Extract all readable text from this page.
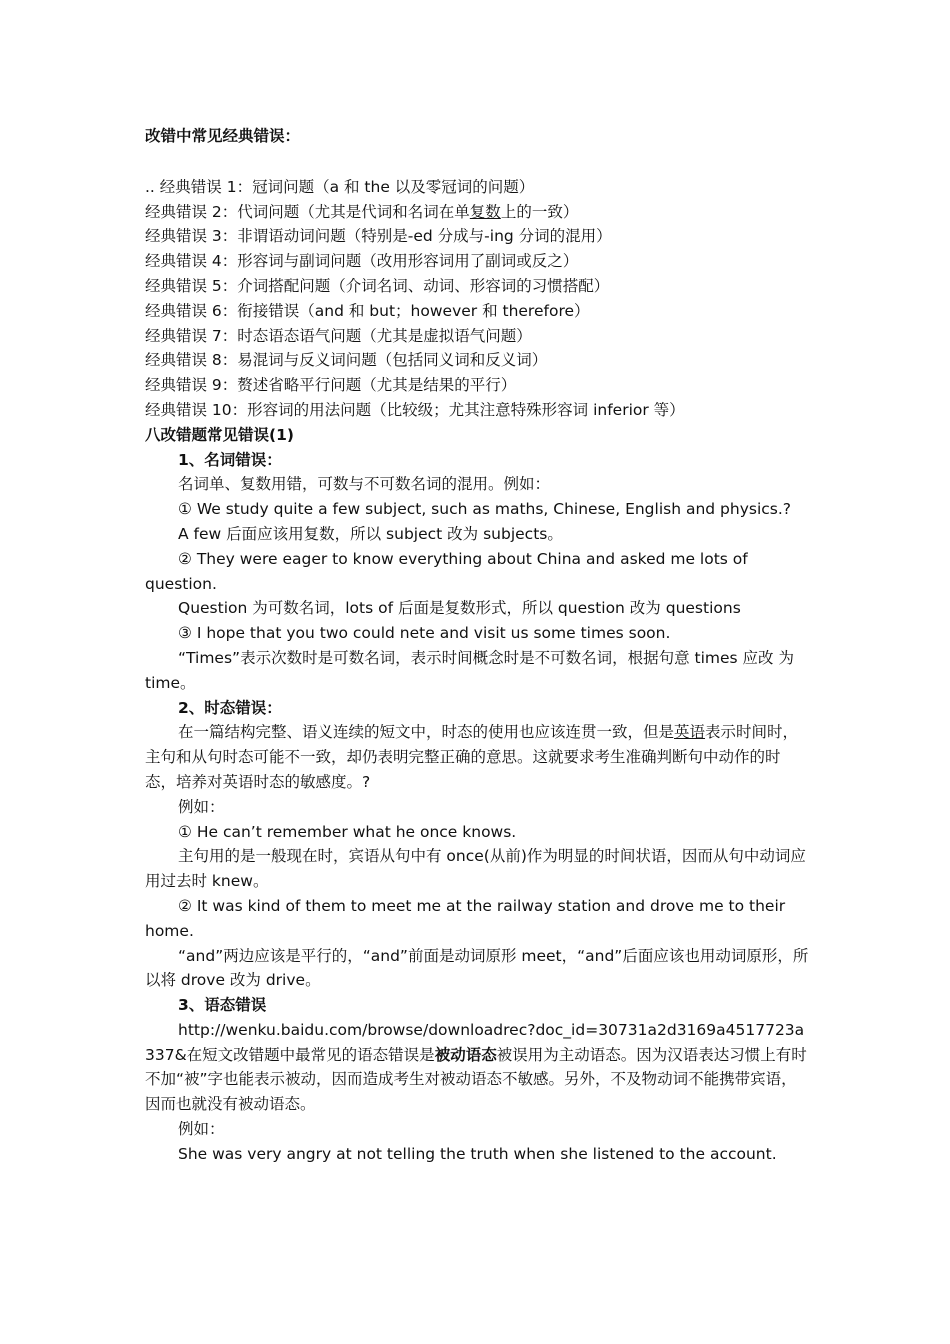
改错中常见经典错误：

.. 经典错误 1：冠词问题（a 和 the 以及零冠词的问题）

经典错误 2：代词问题（尤其是代词和名词在单复数上的一致）

经典错误 3：非谓语动词问题（特别是-ed 分成与-ing 分词的混用）

经典错误 4：形容词与副词问题（改用形容词用了副词或反之）

经典错误 5：介词搭配问题（介词名词、动词、形容词的习惯搭配）

经典错误 6：衔接错误（and 和 but；however 和 therefore）

经典错误 7：时态语态语气问题（尤其是虚拟语气问题）

经典错误 8：易混词与反义词问题（包括同义词和反义词）

经典错误 9：赘述省略平行问题（尤其是结果的平行）

经典错误 10：形容词的用法问题（比较级；尤其注意特殊形容词 inferior 等）

八改错题常见错误(1)

1、名词错误：

名词单、复数用错，可数与不可数名词的混用。例如：

① We study quite a few subject, such as maths, Chinese, English and physics.?

A few 后面应该用复数，所以 subject 改为 subjects。

② They were eager to know everything about China and asked me lots of question.

Question 为可数名词，lots of 后面是复数形式，所以 question 改为 questions

③ I hope that you two could nete and visit us some times soon.

“Times”表示次数时是可数名词，表示时间概念时是不可数名词，根据句意 times 应改 为 time。

2、时态错误：

在一篇结构完整、语义连续的短文中，时态的使用也应该连贯一致，但是英语表示时间时，主句和从句时态可能不一致，却仍表明完整正确的意思。这就要求考生准确判断句中动作的时态，培养对英语时态的敏感度。?

例如：

① He can’t remember what he once knows.

主句用的是一般现在时，宾语从句中有 once(从前)作为明显的时间状语，因而从句中动词应用过去时 knew。

② It was kind of them to meet me at the railway station and drove me to their home.

“and”两边应该是平行的，“and”前面是动词原形 meet，“and”后面应该也用动词原形，所以将 drove 改为 drive。

3、语态错误

http://wenku.baidu.com/browse/downloadrec?doc_id=30731a2d3169a4517723a337&在短文改错题中最常见的语态错误是被动语态被误用为主动语态。因为汉语表达习惯上有时不加“被”字也能表示被动，因而造成考生对被动语态不敏感。另外，不及物动词不能携带宾语，因而也就没有被动语态。

例如：

She was very angry at not telling the truth when she listened to the account.
